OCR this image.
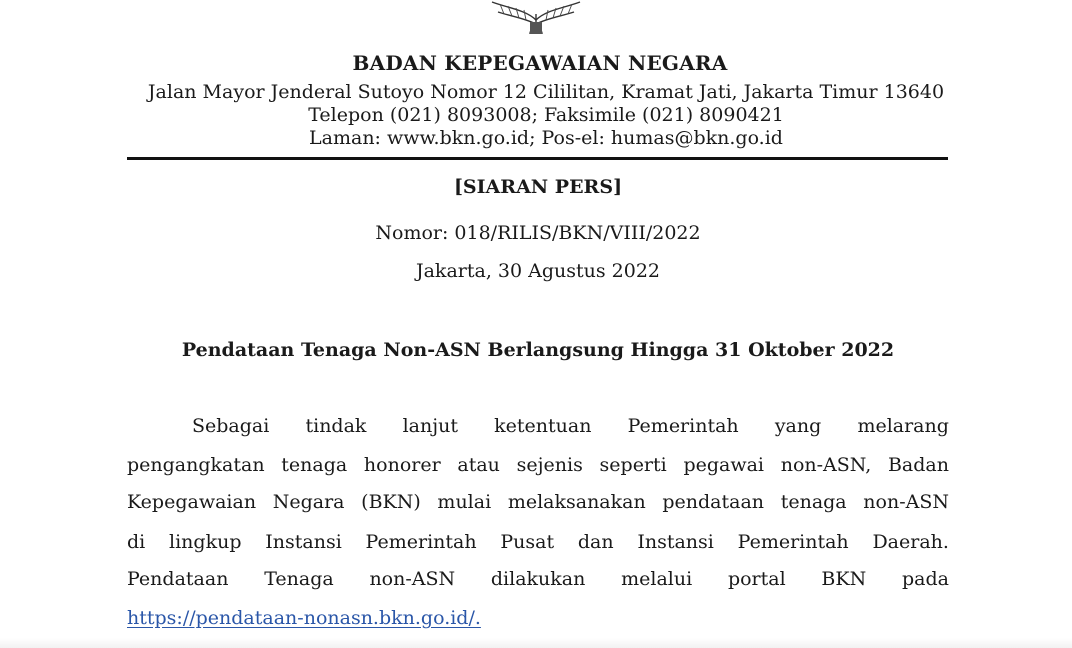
BADAN KEPEGAWAIAN NEGARA
Jalan Mayor Jenderal Sutoyo Nomor 12 Cililitan, Kramat Jati, Jakarta Timur 13640
Telepon (021) 8093008; Faksimile (021) 8090421
Laman: www.bkn.go.id; Pos-el: humas@bkn.go.id
[SIARAN PERS]
Nomor: 018/RILIS/BKN/VIII/2022
Jakarta, 30 Agustus 2022
Pendataan Tenaga Non-ASN Berlangsung Hingga 31 Oktober 2022
Sebagai tindak lanjut ketentuan Pemerintah yang melarang
pengangkatan tenaga honorer atau sejenis seperti pegawai non-ASN, Badan
Kepegawaian Negara (BKN) mulai melaksanakan pendataan tenaga non-ASN
di lingkup Instansi Pemerintah Pusat dan Instansi Pemerintah Daerah.
Pendataan Tenaga non-ASN dilakukan melalui portal BKN pada
https://pendataan-nonasn.bkn.go.id/.
